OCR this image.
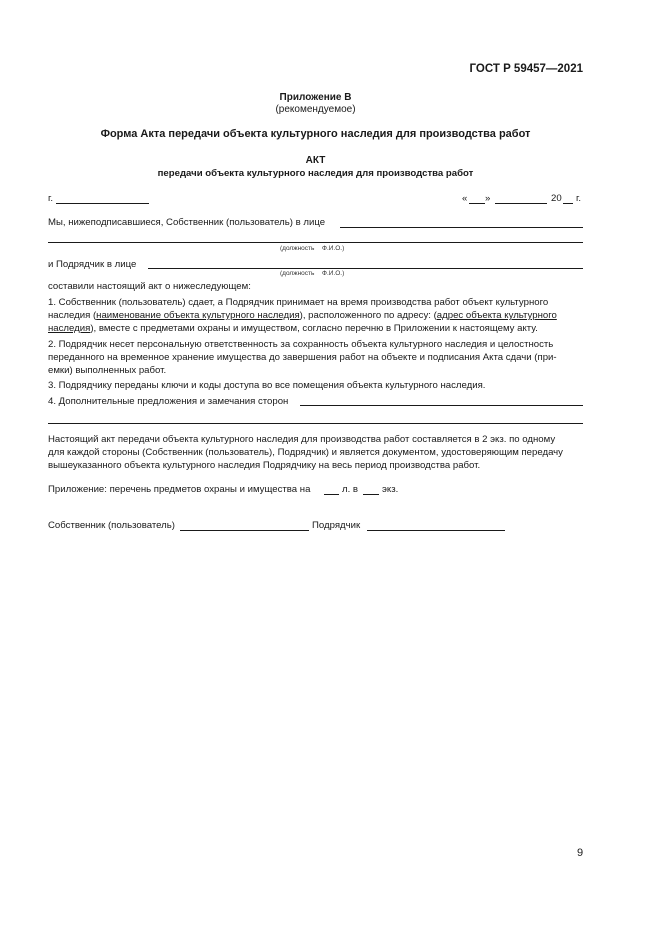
ГОСТ Р 59457—2021
Приложение В
(рекомендуемое)
Форма Акта передачи объекта культурного наследия для производства работ
АКТ
передачи объекта культурного наследия для производства работ
г.	« »	20 г.
Мы, нижеподписавшиеся, Собственник (пользователь) в лице
(должность Ф.И.О.)
и Подрядчик в лице
(должность Ф.И.О.)
составили настоящий акт о нижеследующем:
1. Собственник (пользователь) сдает, а Подрядчик принимает на время производства работ объект культурного
наследия (наименование объекта культурного наследия), расположенного по адресу: (адрес объекта культурного
наследия), вместе с предметами охраны и имуществом, согласно перечню в Приложении к настоящему акту.
2. Подрядчик несет персональную ответственность за сохранность объекта культурного наследия и целостность
переданного на временное хранение имущества до завершения работ на объекте и подписания Акта сдачи (при-
емки) выполненных работ.
3. Подрядчику переданы ключи и коды доступа во все помещения объекта культурного наследия.
4. Дополнительные предложения и замечания сторон
Настоящий акт передачи объекта культурного наследия для производства работ составляется в 2 экз. по одному
для каждой стороны (Собственник (пользователь), Подрядчик) и является документом, удостоверяющим передачу
вышеуказанного объекта культурного наследия Подрядчику на весь период производства работ.
Приложение: перечень предметов охраны и имущества на	л. в экз.
Собственник (пользователь)	Подрядчик
9
